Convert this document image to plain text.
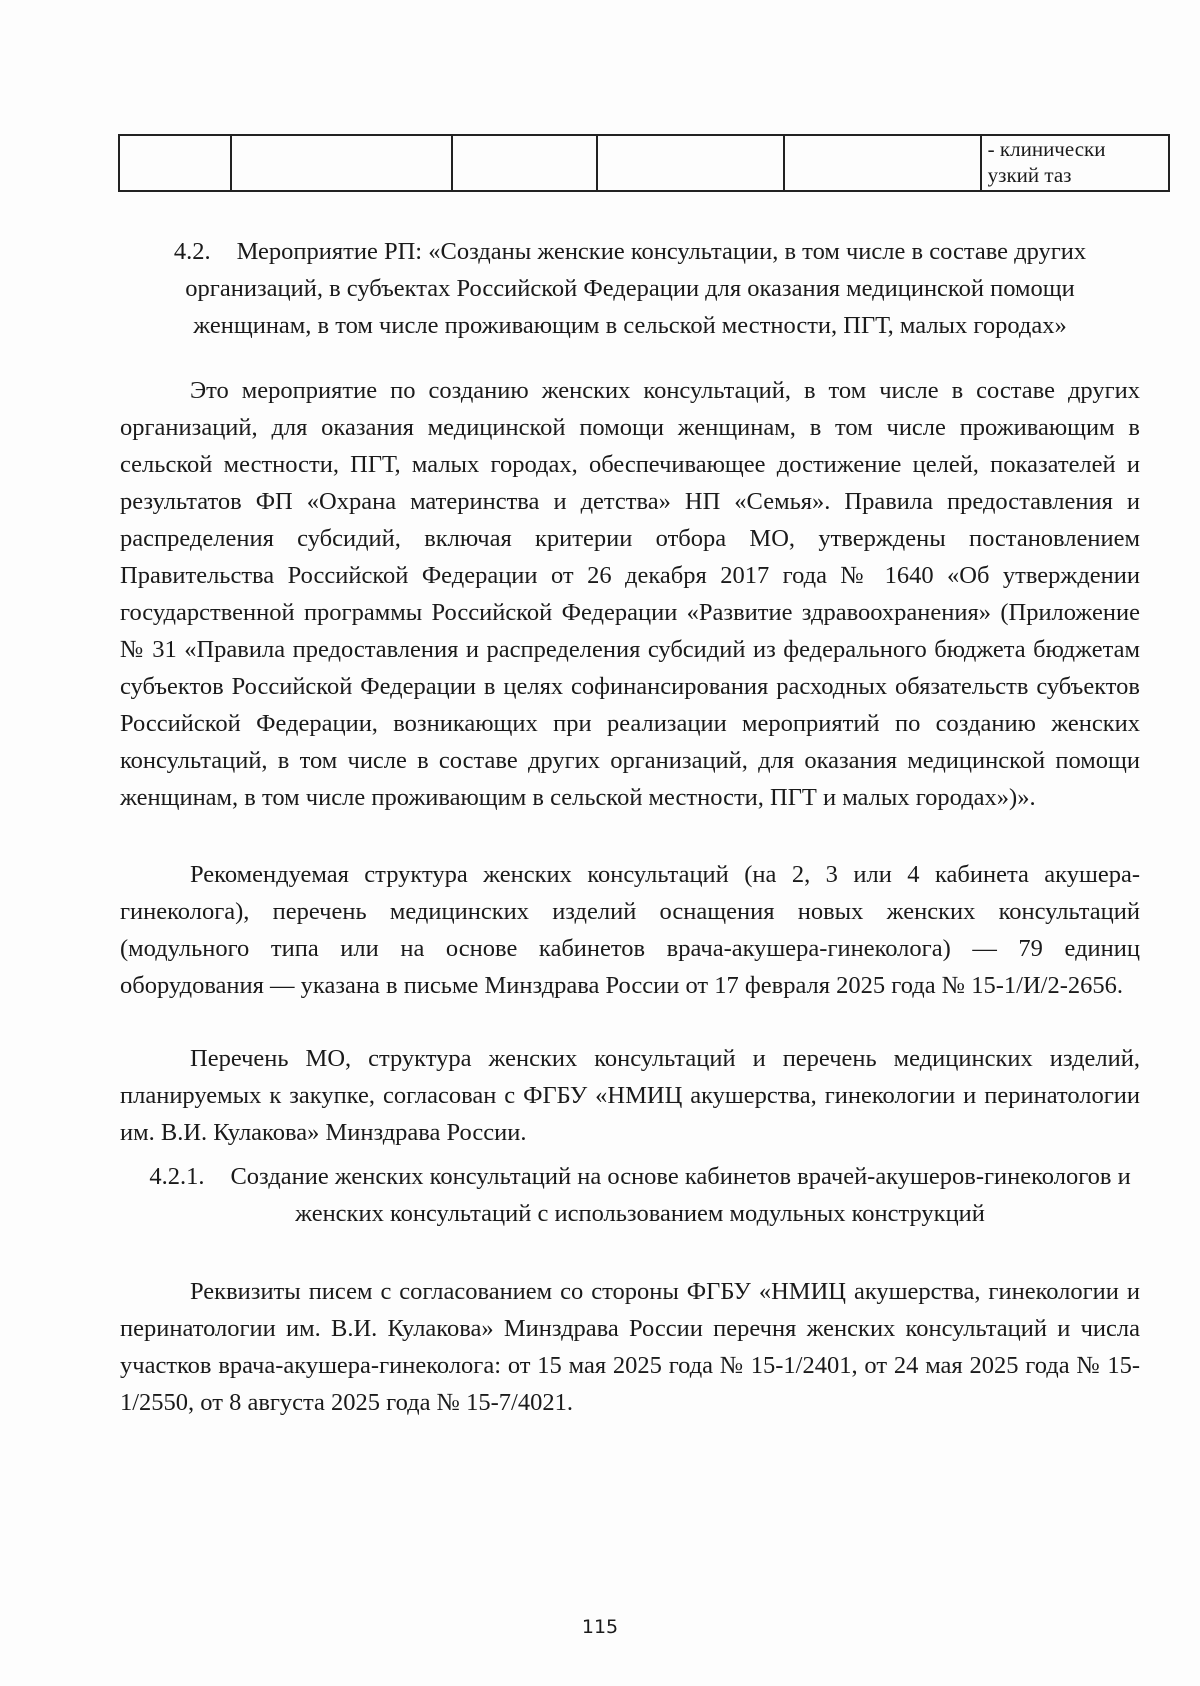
- клинически
узкий таз
4.2. Мероприятие РП: «Созданы женские консультации, в том числе в составе других организаций, в субъектах Российской Федерации для оказания медицинской помощи женщинам, в том числе проживающим в сельской местности, ПГТ, малых городах»

Это мероприятие по созданию женских консультаций, в том числе в составе других организаций, для оказания медицинской помощи женщинам, в том числе проживающим в сельской местности, ПГТ, малых городах, обеспечивающее достижение целей, показателей и результатов ФП «Охрана материнства и детства» НП «Семья». Правила предоставления и распределения субсидий, включая критерии отбора МО, утверждены постановлением Правительства Российской Федерации от 26 декабря 2017 года № 1640 «Об утверждении государственной программы Российской Федерации «Развитие здравоохранения» (Приложение № 31 «Правила предоставления и распределения субсидий из федерального бюджета бюджетам субъектов Российской Федерации в целях софинансирования расходных обязательств субъектов Российской Федерации, возникающих при реализации мероприятий по созданию женских консультаций, в том числе в составе других организаций, для оказания медицинской помощи женщинам, в том числе проживающим в сельской местности, ПГТ и малых городах»)».

Рекомендуемая структура женских консультаций (на 2, 3 или 4 кабинета акушера-гинеколога), перечень медицинских изделий оснащения новых женских консультаций (модульного типа или на основе кабинетов врача-акушера-гинеколога) — 79 единиц оборудования — указана в письме Минздрава России от 17 февраля 2025 года № 15-1/И/2-2656.

Перечень МО, структура женских консультаций и перечень медицинских изделий, планируемых к закупке, согласован с ФГБУ «НМИЦ акушерства, гинекологии и перинатологии им. В.И. Кулакова» Минздрава России.

4.2.1. Создание женских консультаций на основе кабинетов врачей-акушеров-гинекологов и женских консультаций с использованием модульных конструкций

Реквизиты писем с согласованием со стороны ФГБУ «НМИЦ акушерства, гинекологии и перинатологии им. В.И. Кулакова» Минздрава России перечня женских консультаций и числа участков врача-акушера-гинеколога: от 15 мая 2025 года № 15-1/2401, от 24 мая 2025 года № 15-1/2550, от 8 августа 2025 года № 15-7/4021.

115
